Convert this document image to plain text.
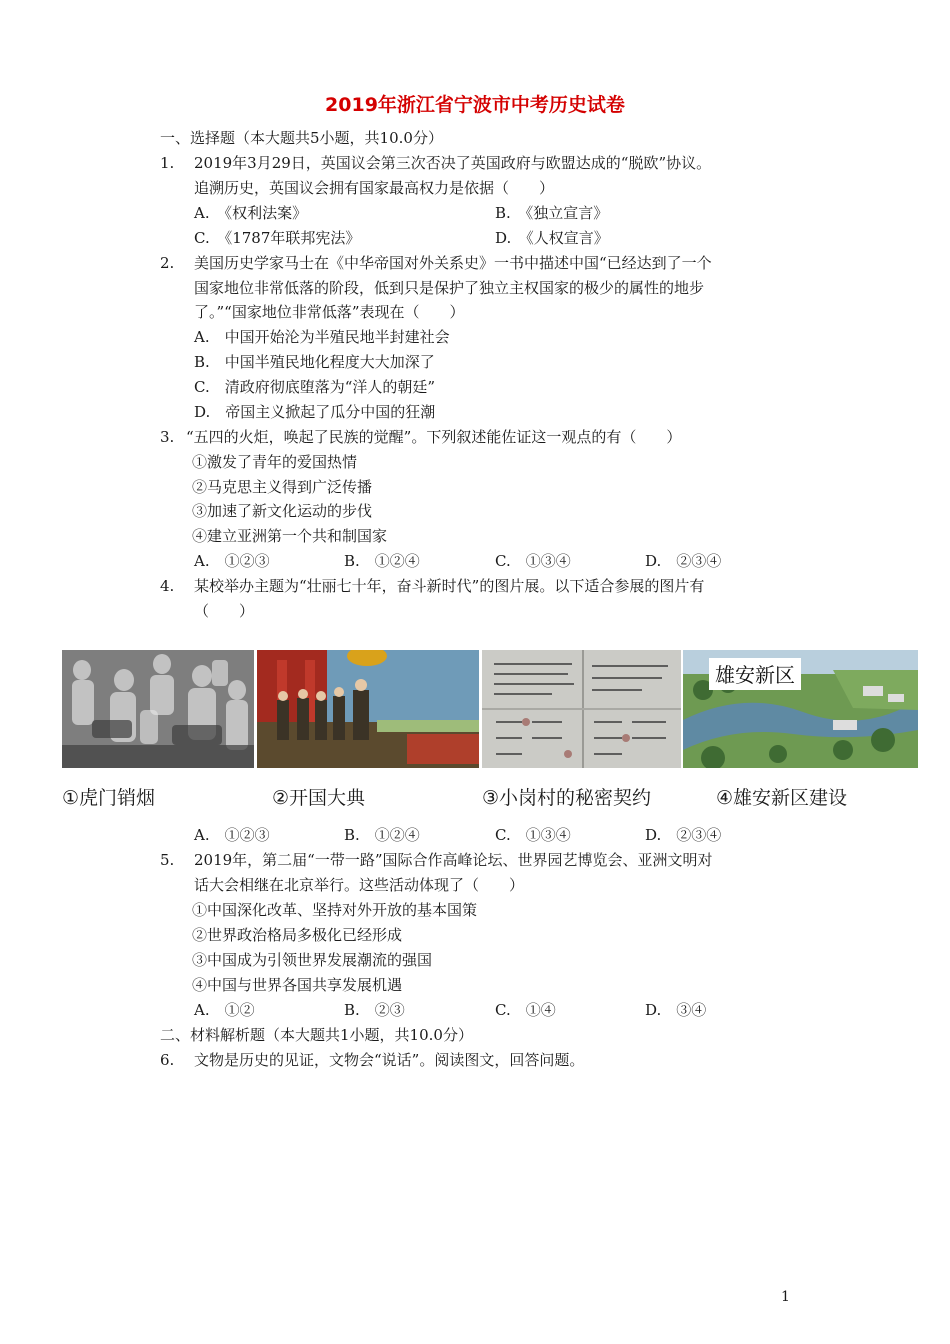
2019年浙江省宁波市中考历史试卷
一、选择题（本大题共5小题，共10.0分）
1. 2019年3月29日，英国议会第三次否决了英国政府与欧盟达成的“脱欧”协议。
追溯历史，英国议会拥有国家最高权力是依据（　　）
A.　《权利法案》	B.　《独立宣言》
C.　《1787年联邦宪法》	D.　《人权宣言》
2. 美国历史学家马士在《中华帝国对外关系史》一书中描述中国“已经达到了一个
国家地位非常低落的阶段，低到只是保护了独立主权国家的极少的属性的地步
了。”“国家地位非常低落”表现在（　　）
A.　中国开始沦为半殖民地半封建社会
B.　中国半殖民地化程度大大加深了
C.　清政府彻底堕落为“洋人的朝廷”
D.　帝国主义掀起了瓜分中国的狂潮
3. “五四的火炬，唤起了民族的觉醒”。下列叙述能佐证这一观点的有（　　）
①激发了青年的爱国热情
②马克思主义得到广泛传播
③加速了新文化运动的步伐
④建立亚洲第一个共和制国家
A.　①②③	B.　①②④	C.　①③④	D.　②③④
4. 某校举办主题为“壮丽七十年，奋斗新时代”的图片展。以下适合参展的图片有
（　　）
雄安新区
①虎门销烟	②开国大典	③小岗村的秘密契约	④雄安新区建设
A.　①②③	B.　①②④	C.　①③④	D.　②③④
5. 2019年，第二届“一带一路”国际合作高峰论坛、世界园艺博览会、亚洲文明对
话大会相继在北京举行。这些活动体现了（　　）
①中国深化改革、坚持对外开放的基本国策
②世界政治格局多极化已经形成
③中国成为引领世界发展潮流的强国
④中国与世界各国共享发展机遇
A.　①②	B.　②③	C.　①④	D.　③④
二、材料解析题（本大题共1小题，共10.0分）
6. 文物是历史的见证，文物会“说话”。阅读图文，回答问题。
1
